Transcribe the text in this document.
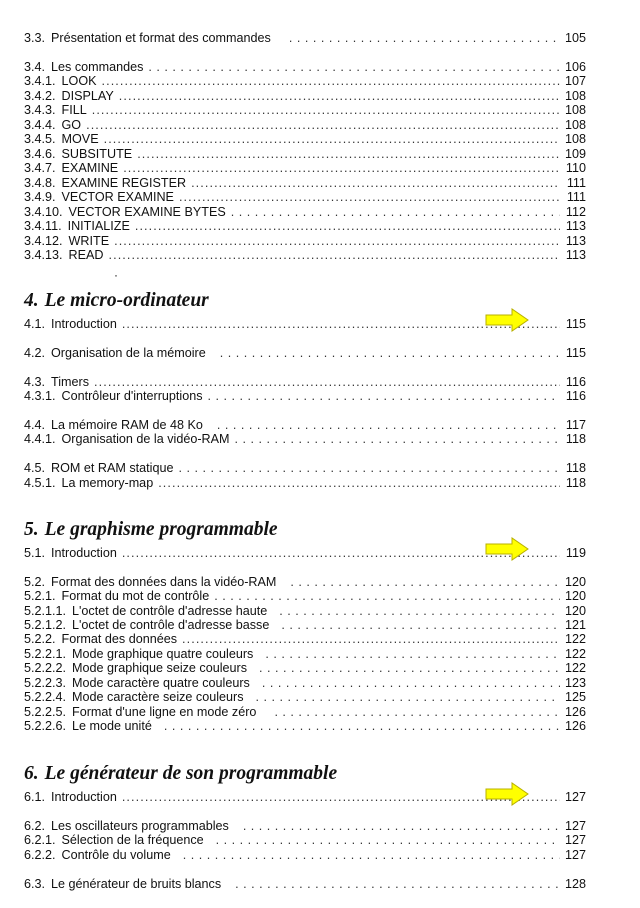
3.3. Présentation et format des commandes . . .	105
3.4. Les commandes . . .	106
3.4.1. LOOK .....	107
3.4.2. DISPLAY .....	108
3.4.3. FILL .....	108
3.4.4. GO .....	108
3.4.5. MOVE .....	108
3.4.6. SUBSITUTE .....	109
3.4.7. EXAMINE .....	110
3.4.8. EXAMINE REGISTER .....	111
3.4.9. VECTOR EXAMINE .....	111
3.4.10. VECTOR EXAMINE BYTES . . .	112
3.4.11. INITIALIZE .....	113
3.4.12. WRITE .....	113
3.4.13. READ .....	113
·
4. Le micro-ordinateur
4.1. Introduction .....	115
4.2. Organisation de la mémoire . . .	115
4.3. Timers .....	116
4.3.1. Contrôleur d'interruptions . . .	116
4.4. La mémoire RAM de 48 Ko . . .	117
4.4.1. Organisation de la vidéo-RAM . . .	118
4.5. ROM et RAM statique . . .	118
4.5.1. La memory-map .....	118
5. Le graphisme programmable
5.1. Introduction .....	119
5.2. Format des données dans la vidéo-RAM . . .	120
5.2.1. Format du mot de contrôle . . .	120
5.2.1.1. L'octet de contrôle d'adresse haute . . .	120
5.2.1.2. L'octet de contrôle d'adresse basse . . .	121
5.2.2. Format des données .....	122
5.2.2.1. Mode graphique quatre couleurs . . .	122
5.2.2.2. Mode graphique seize couleurs . . .	122
5.2.2.3. Mode caractère quatre couleurs . . .	123
5.2.2.4. Mode caractère seize couleurs . . .	125
5.2.2.5. Format d'une ligne en mode zéro . . .	126
5.2.2.6. Le mode unité . . .	126
6. Le générateur de son programmable
6.1. Introduction .....	127
6.2. Les oscillateurs programmables . . .	127
6.2.1. Sélection de la fréquence . . .	127
6.2.2. Contrôle du volume . . .	127
6.3. Le générateur de bruits blancs . . .	128
